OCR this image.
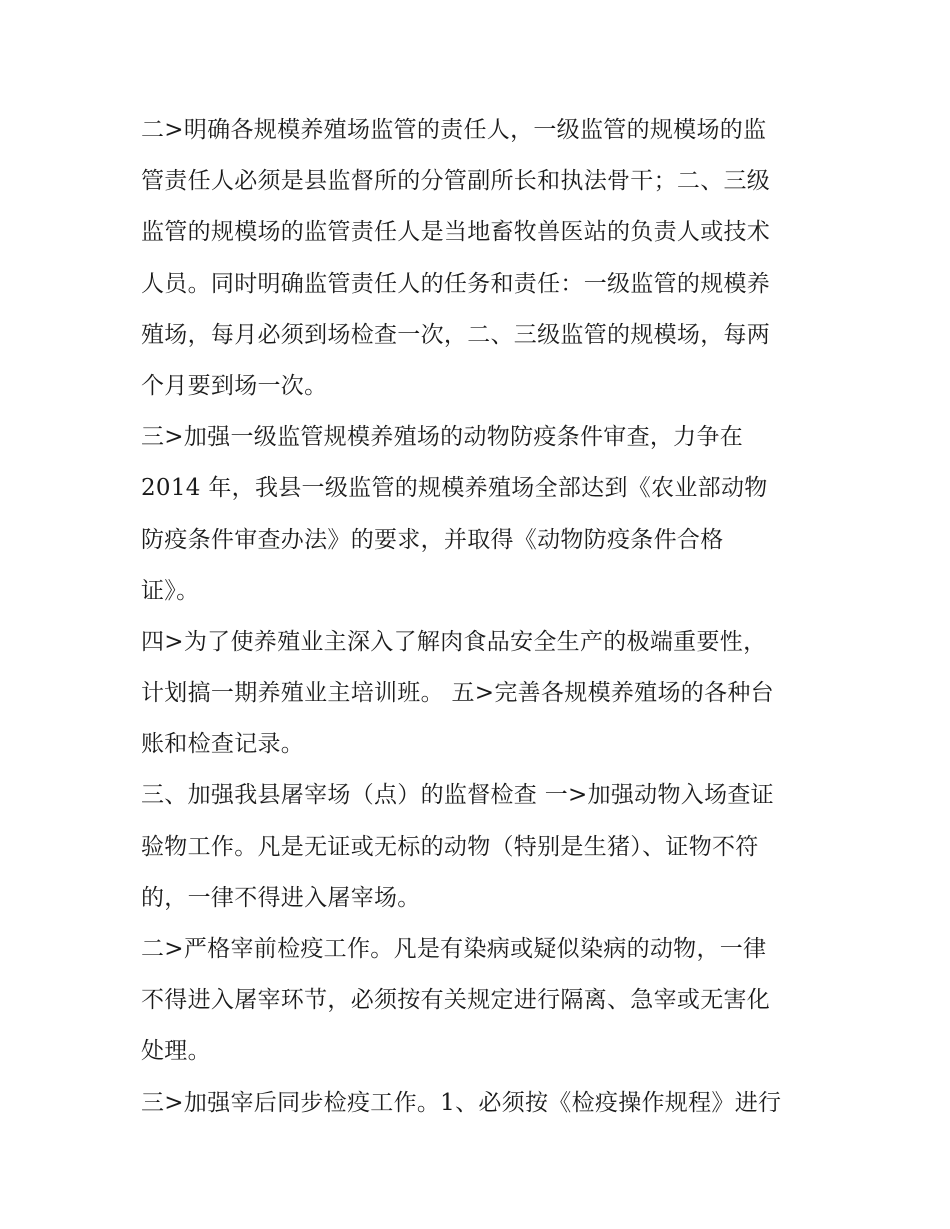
二>明确各规模养殖场监管的责任人，一级监管的规模场的监
管责任人必须是县监督所的分管副所长和执法骨干；二、三级
监管的规模场的监管责任人是当地畜牧兽医站的负责人或技术
人员。同时明确监管责任人的任务和责任：一级监管的规模养
殖场，每月必须到场检查一次，二、三级监管的规模场，每两
个月要到场一次。
三>加强一级监管规模养殖场的动物防疫条件审查，力争在
2014 年，我县一级监管的规模养殖场全部达到《农业部动物
防疫条件审查办法》的要求，并取得《动物防疫条件合格
证》。
四>为了使养殖业主深入了解肉食品安全生产的极端重要性，
计划搞一期养殖业主培训班。 五>完善各规模养殖场的各种台
账和检查记录。
三、加强我县屠宰场（点）的监督检查 一>加强动物入场查证
验物工作。凡是无证或无标的动物（特别是生猪）、证物不符
的，一律不得进入屠宰场。
二>严格宰前检疫工作。凡是有染病或疑似染病的动物，一律
不得进入屠宰环节，必须按有关规定进行隔离、急宰或无害化
处理。
三>加强宰后同步检疫工作。1、必须按《检疫操作规程》进行
